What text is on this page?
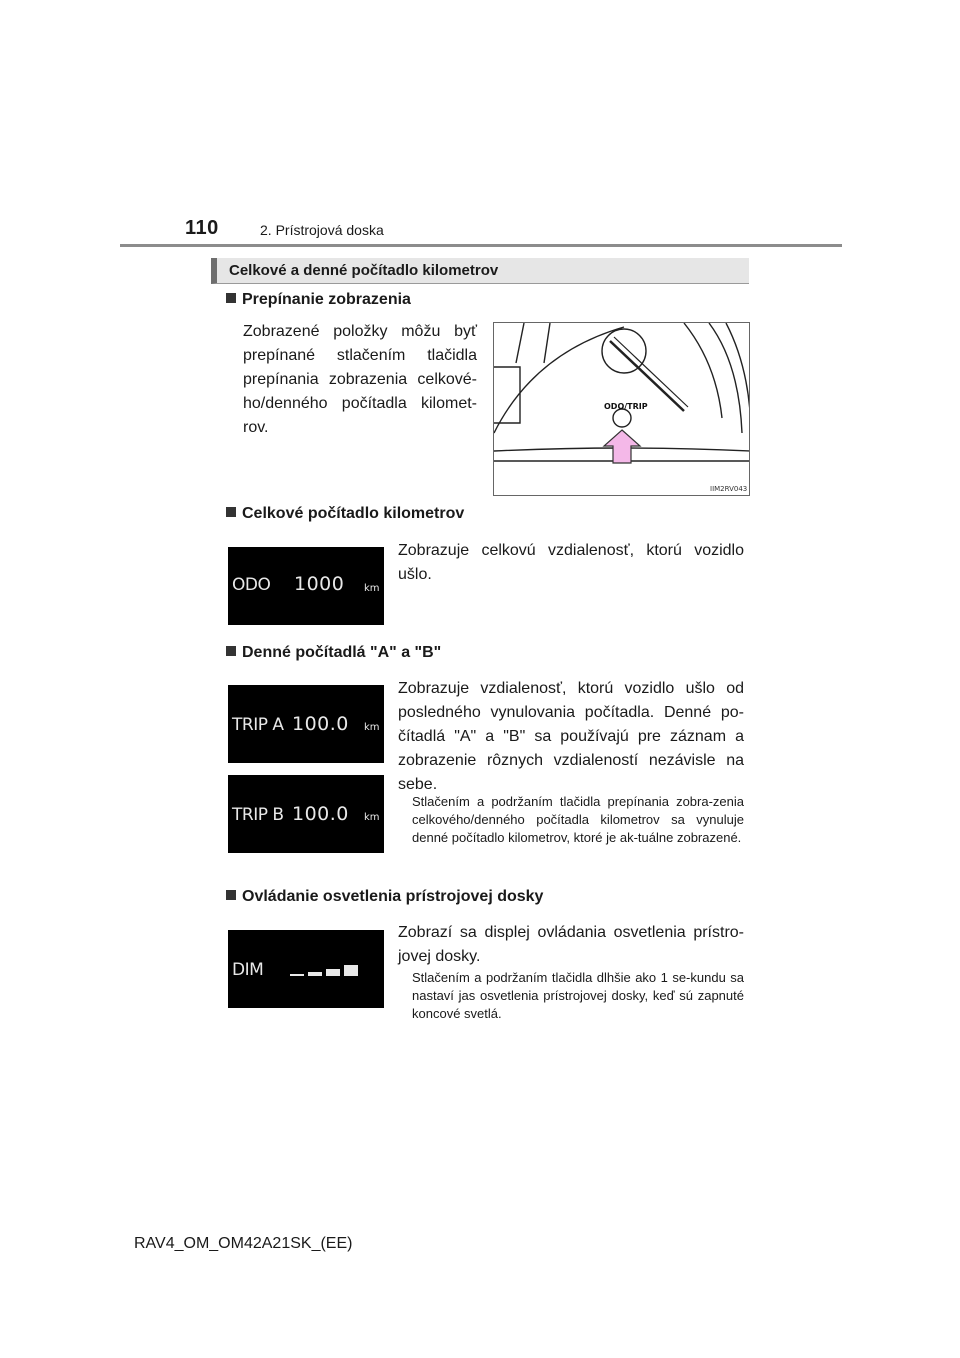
110	2. Prístrojová doska
Celkové a denné počítadlo kilometrov
Prepínanie zobrazenia
Zobrazené položky môžu byť prepínané stlačením tlačidla prepínania zobrazenia celkové-ho/denného počítadla kilomet-rov.
ODO/TRIP
IIM2RV043
Celkové počítadlo kilometrov
ODO 1000 km
Zobrazuje celkovú vzdialenosť, ktorú vozidlo ušlo.
Denné počítadlá "A" a "B"
TRIP A 100.0 km
TRIP B 100.0 km
Zobrazuje vzdialenosť, ktorú vozidlo ušlo od posledného vynulovania počítadla. Denné po-čítadlá "A" a "B" sa používajú pre záznam a zobrazenie rôznych vzdialeností nezávisle na sebe.
Stlačením a podržaním tlačidla prepínania zobra-zenia celkového/denného počítadla kilometrov sa vynuluje denné počítadlo kilometrov, ktoré je ak-tuálne zobrazené.
Ovládanie osvetlenia prístrojovej dosky
DIM
Zobrazí sa displej ovládania osvetlenia prístro-jovej dosky.
Stlačením a podržaním tlačidla dlhšie ako 1 se-kundu sa nastaví jas osvetlenia prístrojovej dosky, keď sú zapnuté koncové svetlá.
RAV4_OM_OM42A21SK_(EE)
